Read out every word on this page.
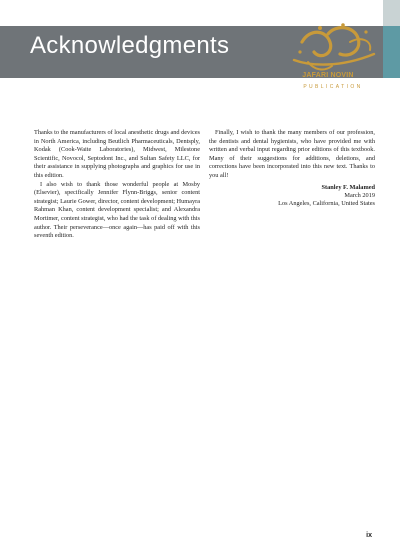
Acknowledgments
JAFARI NOVIN
PUBLICATION

Thanks to the manufacturers of local anesthetic drugs and devices in North America, including Beutlich Pharmaceuticals, Dentsply, Kodak (Cook-Waite Laboratories), Midwest, Milestone Scientific, Novocol, Septodont Inc., and Sultan Safety LLC, for their assistance in supplying photographs and graphics for use in this edition.

I also wish to thank those wonderful people at Mosby (Elsevier), specifically Jennifer Flynn-Briggs, senior content strategist; Laurie Gower, director, content development; Humayra Rahman Khan, content development specialist; and Alexandra Mortimer, content strategist, who had the task of dealing with this author. Their perseverance—once again—has paid off with this seventh edition.

Finally, I wish to thank the many members of our profession, the dentists and dental hygienists, who have provided me with written and verbal input regarding prior editions of this textbook. Many of their suggestions for additions, deletions, and corrections have been incorporated into this new text. Thanks to you all!

Stanley F. Malamed
March 2019
Los Angeles, California, United States
ix
